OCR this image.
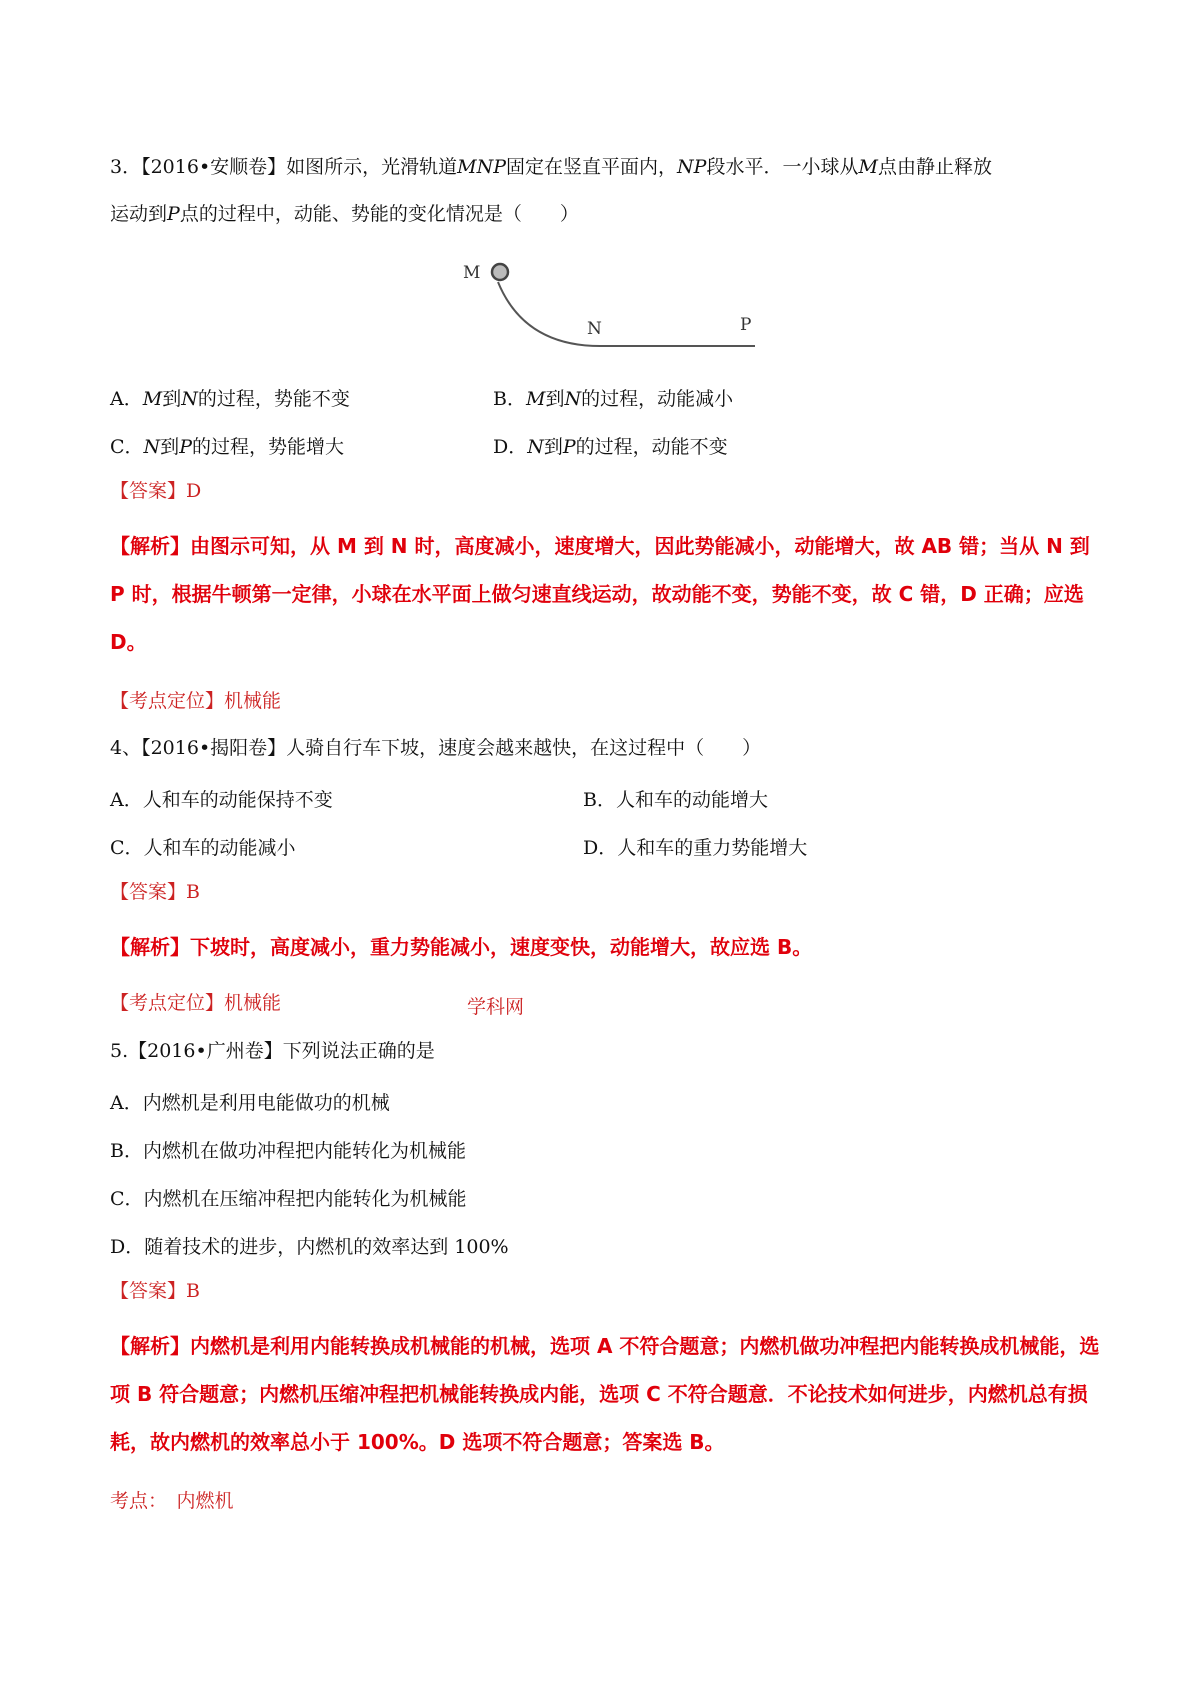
3．【2016•安顺卷】如图所示，光滑轨道MNP固定在竖直平面内，NP段水平．一小球从M点由静止释放
运动到P点的过程中，动能、势能的变化情况是（　　）
M
N	P
A．M到N的过程，势能不变	B．M到N的过程，动能减小
C．N到P的过程，势能增大	D．N到P的过程，动能不变
【答案】D
【解析】由图示可知，从 M 到 N 时，高度减小，速度增大，因此势能减小，动能增大，故 AB 错；当从 N 到 P 时，根据牛顿第一定律，小球在水平面上做匀速直线运动，故动能不变，势能不变，故 C 错，D 正确；应选 D。
【考点定位】机械能
4、【2016•揭阳卷】人骑自行车下坡，速度会越来越快，在这过程中（　　）
A．人和车的动能保持不变	B．人和车的动能增大
C．人和车的动能减小	D．人和车的重力势能增大
【答案】B
【解析】下坡时，高度减小，重力势能减小，速度变快，动能增大，故应选 B。
【考点定位】机械能	学科网
5.【2016•广州卷】下列说法正确的是
A．内燃机是利用电能做功的机械
B．内燃机在做功冲程把内能转化为机械能
C．内燃机在压缩冲程把内能转化为机械能
D．随着技术的进步，内燃机的效率达到 100%
【答案】B
【解析】内燃机是利用内能转换成机械能的机械，选项 A 不符合题意；内燃机做功冲程把内能转换成机械能，选项 B 符合题意；内燃机压缩冲程把机械能转换成内能，选项 C 不符合题意．不论技术如何进步，内燃机总有损耗，故内燃机的效率总小于 100%。D 选项不符合题意；答案选 B。
考点：　内燃机
